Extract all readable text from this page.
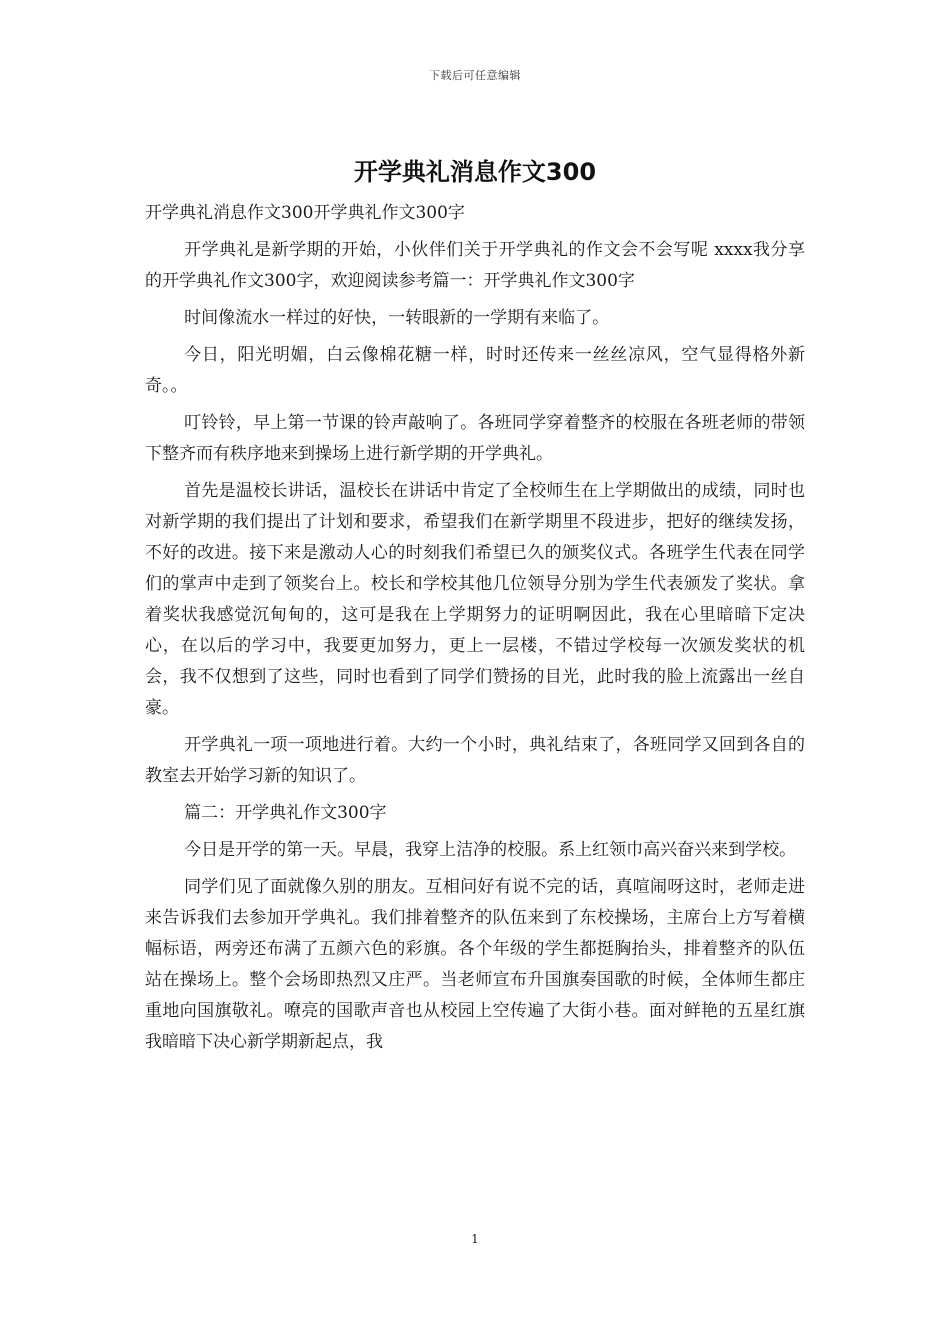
下载后可任意编辑
开学典礼消息作文300

开学典礼消息作文300开学典礼作文300字

开学典礼是新学期的开始，小伙伴们关于开学典礼的作文会不会写呢 xxxx我分享的开学典礼作文300字，欢迎阅读参考篇一：开学典礼作文300字

时间像流水一样过的好快，一转眼新的一学期有来临了。

今日，阳光明媚，白云像棉花糖一样，时时还传来一丝丝凉风，空气显得格外新奇。。

叮铃铃，早上第一节课的铃声敲响了。各班同学穿着整齐的校服在各班老师的带领下整齐而有秩序地来到操场上进行新学期的开学典礼。

首先是温校长讲话，温校长在讲话中肯定了全校师生在上学期做出的成绩，同时也对新学期的我们提出了计划和要求，希望我们在新学期里不段进步，把好的继续发扬，不好的改进。接下来是激动人心的时刻我们希望已久的颁奖仪式。各班学生代表在同学们的掌声中走到了领奖台上。校长和学校其他几位领导分别为学生代表颁发了奖状。拿着奖状我感觉沉甸甸的，这可是我在上学期努力的证明啊因此，我在心里暗暗下定决心，在以后的学习中，我要更加努力，更上一层楼，不错过学校每一次颁发奖状的机会，我不仅想到了这些，同时也看到了同学们赞扬的目光，此时我的脸上流露出一丝自豪。

开学典礼一项一项地进行着。大约一个小时，典礼结束了，各班同学又回到各自的教室去开始学习新的知识了。

篇二：开学典礼作文300字

今日是开学的第一天。早晨，我穿上洁净的校服。系上红领巾高兴奋兴来到学校。

同学们见了面就像久别的朋友。互相问好有说不完的话，真喧闹呀这时，老师走进来告诉我们去参加开学典礼。我们排着整齐的队伍来到了东校操场，主席台上方写着横幅标语，两旁还布满了五颜六色的彩旗。各个年级的学生都挺胸抬头，排着整齐的队伍站在操场上。整个会场即热烈又庄严。当老师宣布升国旗奏国歌的时候，全体师生都庄重地向国旗敬礼。嘹亮的国歌声音也从校园上空传遍了大街小巷。面对鲜艳的五星红旗我暗暗下决心新学期新起点，我

1
